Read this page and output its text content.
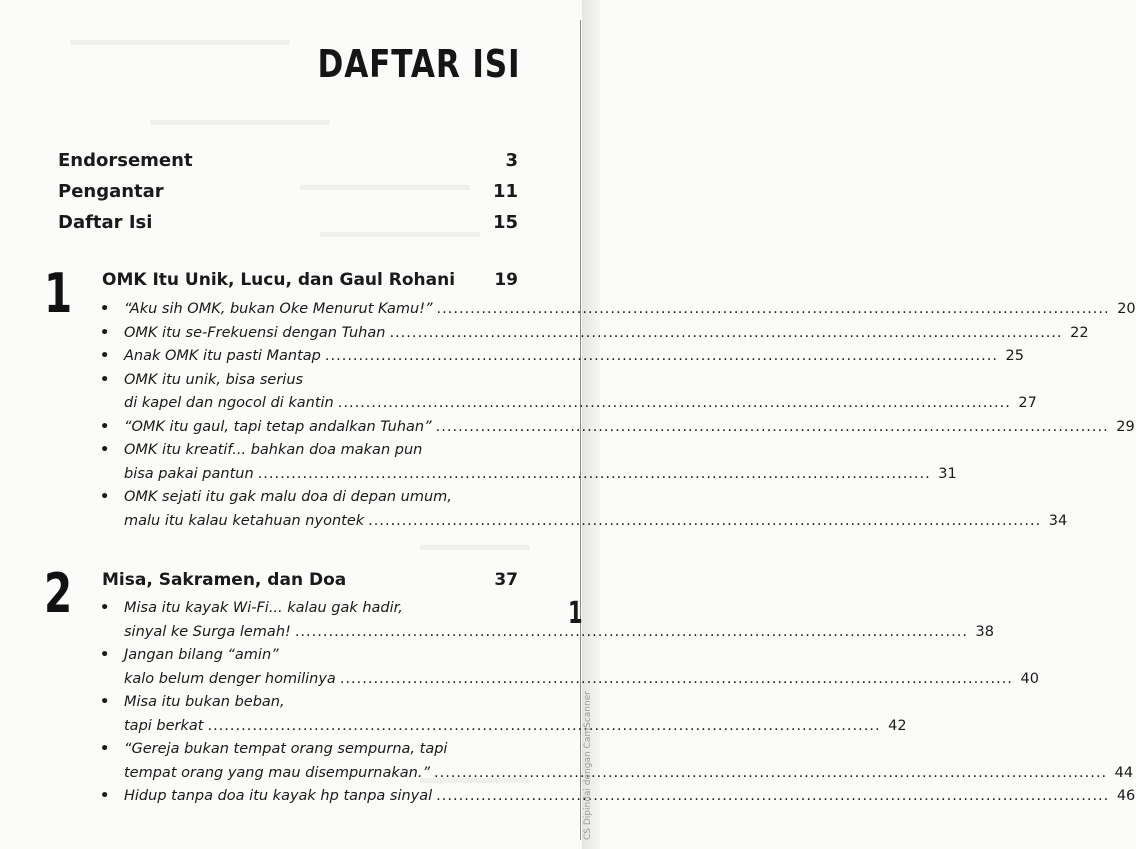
DAFTAR ISI
Endorsement	3
Pengantar	11
Daftar Isi	15
1 OMK Itu Unik, Lucu, dan Gaul Rohani 19
• “Aku sih OMK, bukan Oke Menurut Kamu!” ........................................................................................................................ 20
• OMK itu se-Frekuensi dengan Tuhan ........................................................................................................................ 22
• Anak OMK itu pasti Mantap ........................................................................................................................ 25
• OMK itu unik, bisa serius
di kapel dan ngocol di kantin ........................................................................................................................ 27
• “OMK itu gaul, tapi tetap andalkan Tuhan” ........................................................................................................................ 29
• OMK itu kreatif... bahkan doa makan pun
bisa pakai pantun ........................................................................................................................ 31
• OMK sejati itu gak malu doa di depan umum,
malu itu kalau ketahuan nyontek ........................................................................................................................ 34
2 Misa, Sakramen, dan Doa	37
• Misa itu kayak Wi-Fi... kalau gak hadir,
sinyal ke Surga lemah! ........................................................................................................................ 38
• Jangan bilang “amin”
kalo belum denger homilinya ........................................................................................................................ 40
• Misa itu bukan beban,
tapi berkat ........................................................................................................................ 42
• “Gereja bukan tempat orang sempurna, tapi
tempat orang yang mau disempurnakan.” ........................................................................................................................ 44
• Hidup tanpa doa itu kayak hp tanpa sinyal ........................................................................................................................ 46
1
CS Dipindai dengan CamScanner
